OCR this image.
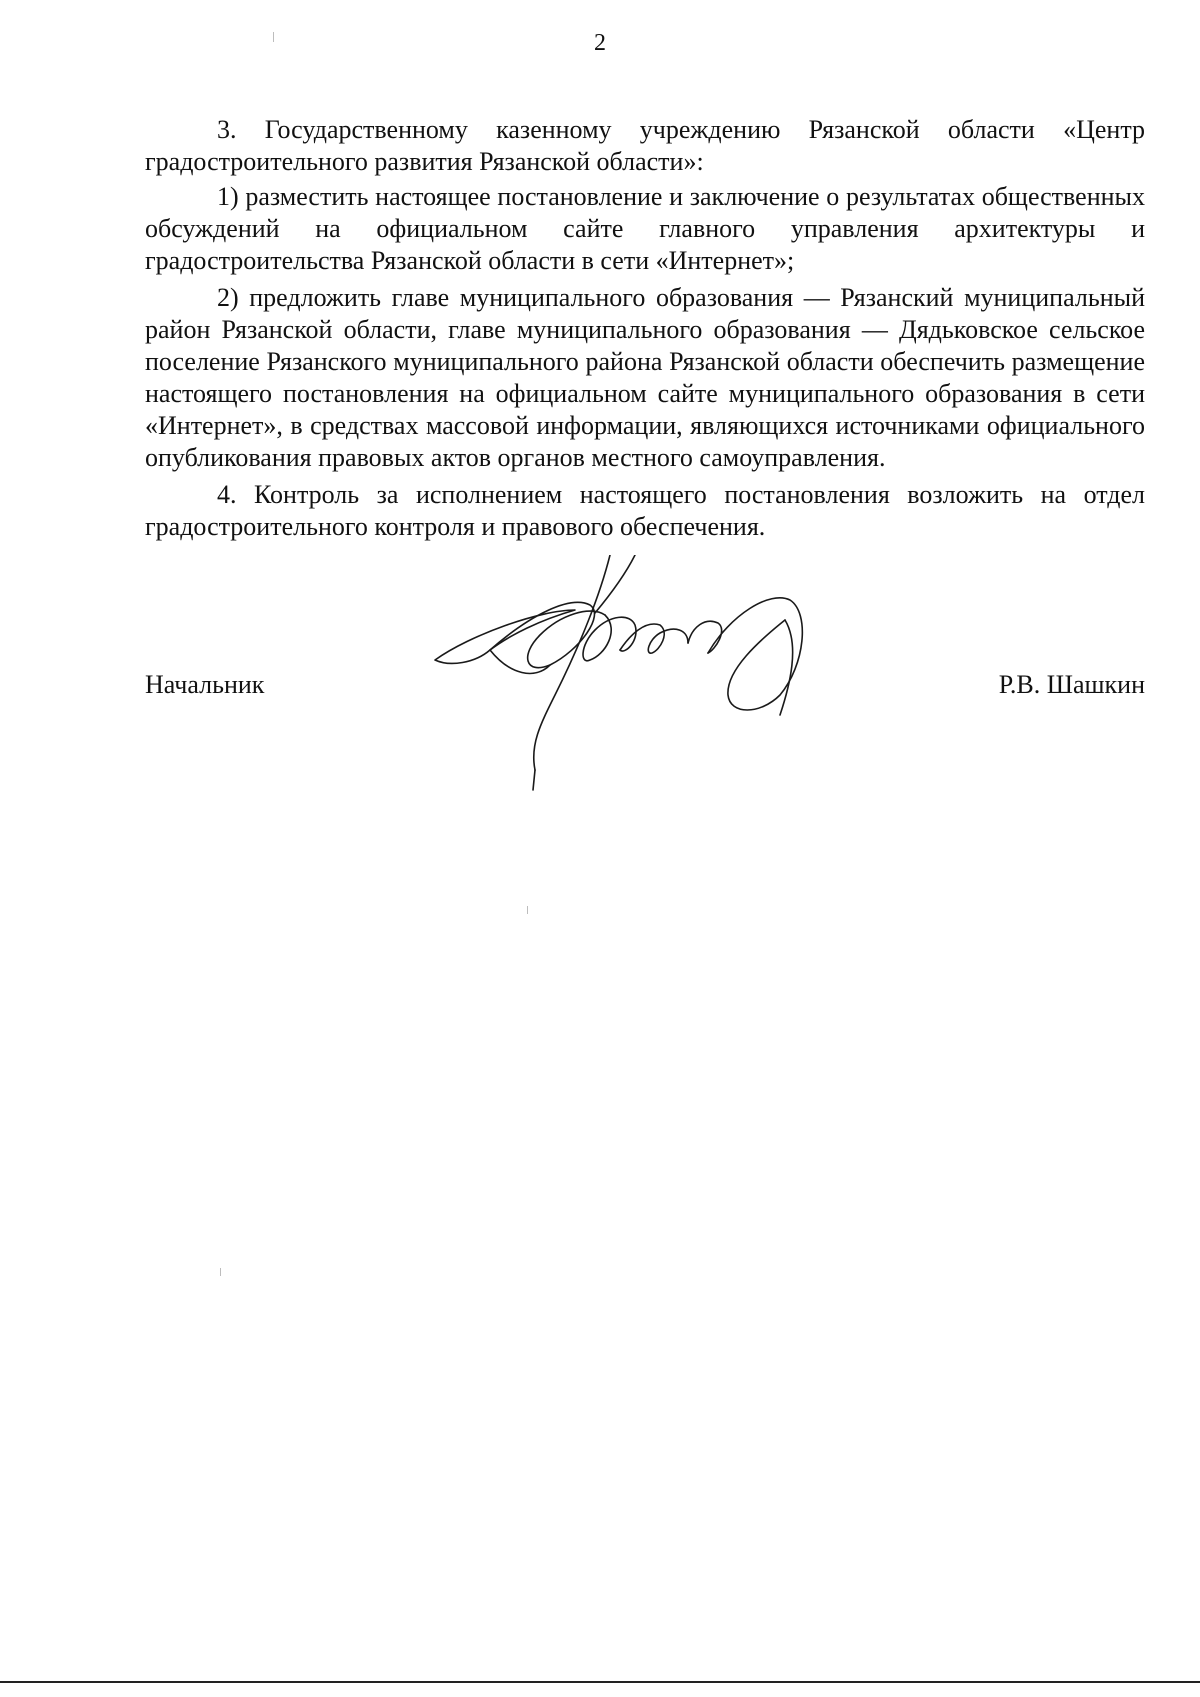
2

3. Государственному казенному учреждению Рязанской области «Центр градостроительного развития Рязанской области»:

1) разместить настоящее постановление и заключение о результатах общественных обсуждений на официальном сайте главного управления архитектуры и градостроительства Рязанской области в сети «Интернет»;

2) предложить главе муниципального образования — Рязанский муниципальный район Рязанской области, главе муниципального образования — Дядьковское сельское поселение Рязанского муниципального района Рязанской области обеспечить размещение настоящего постановления на официальном сайте муниципального образования в сети «Интернет», в средствах массовой информации, являющихся источниками официального опубликования правовых актов органов местного самоуправления.

4. Контроль за исполнением настоящего постановления возложить на отдел градостроительного контроля и правового обеспечения.

Начальник	Р.В. Шашкин
